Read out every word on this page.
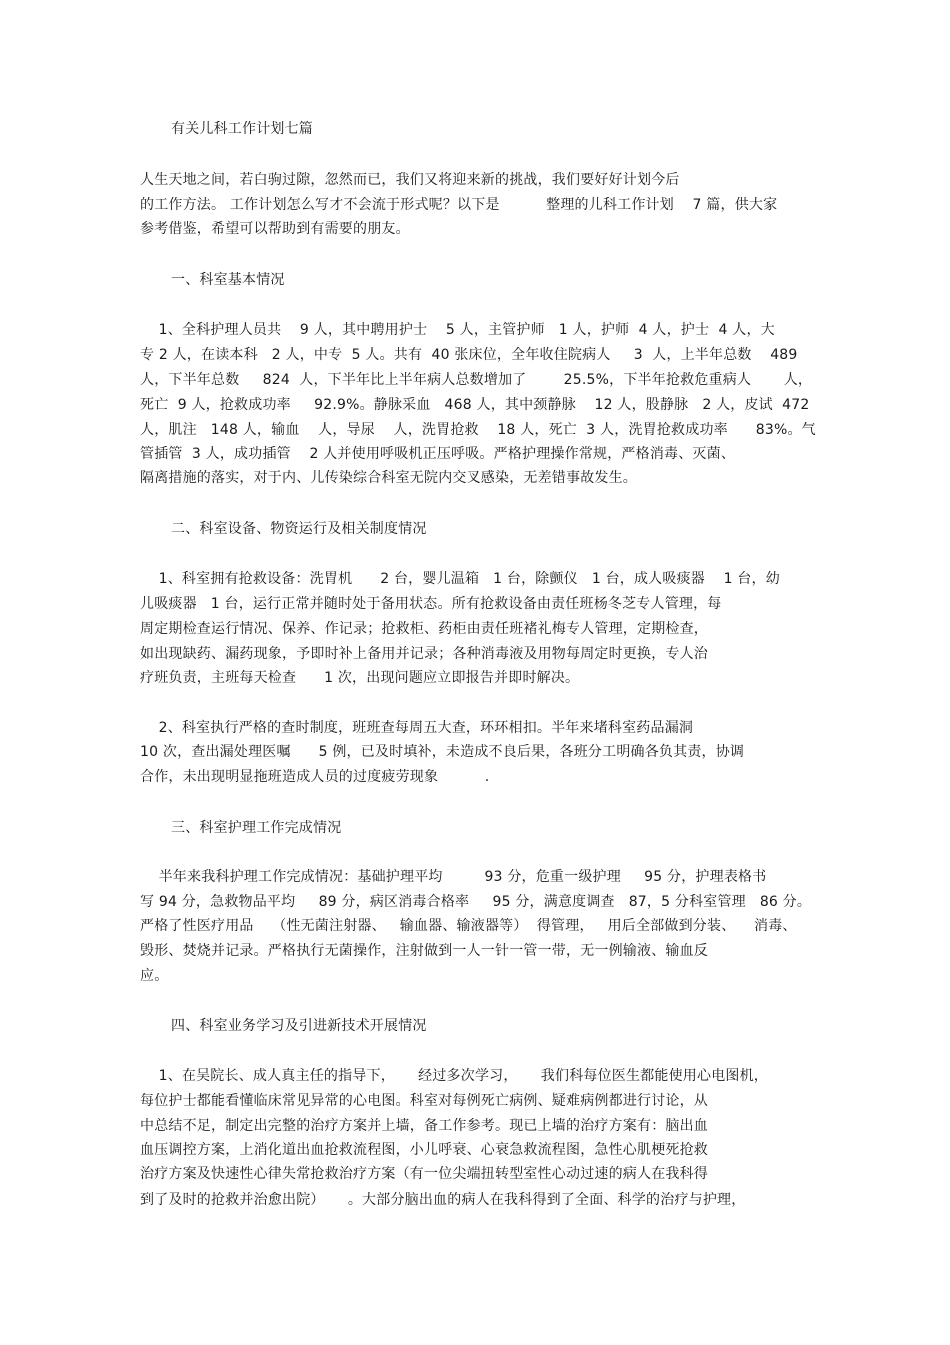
有关儿科工作计划七篇
人生天地之间，若白驹过隙，忽然而已，我们又将迎来新的挑战，我们要好好计划今后
的工作方法。 工作计划怎么写才不会流于形式呢？以下是          整理的儿科工作计划    7 篇，供大家
参考借鉴，希望可以帮助到有需要的朋友。
一、科室基本情况
1、全科护理人员共    9 人，其中聘用护士    5 人，主管护师   1 人，护师  4 人，护士  4 人，大
专 2 人，在读本科   2 人，中专  5 人。共有  40 张床位，全年收住院病人     3  人，上半年总数    489
人，下半年总数     824  人，下半年比上半年病人总数增加了        25.5%，下半年抢救危重病人       人，
死亡  9 人，抢救成功率     92.9%。静脉采血   468 人，其中颈静脉    12 人，股静脉   2 人，皮试  472
人，肌注   148 人，输血    人，导尿    人，洗胃抢救    18 人，死亡  3 人，洗胃抢救成功率      83%。气
管插管  3 人，成功插管    2 人并使用呼吸机正压呼吸。严格护理操作常规，严格消毒、灭菌、
隔离措施的落实，对于内、儿传染综合科室无院内交叉感染，无差错事故发生。
二、科室设备、物资运行及相关制度情况
1、科室拥有抢救设备：洗胃机      2 台，婴儿温箱   1 台，除颤仪   1 台，成人吸痰器    1 台，幼
儿吸痰器   1 台，运行正常并随时处于备用状态。所有抢救设备由责任班杨冬芝专人管理，每
周定期检查运行情况、保养、作记录；抢救柜、药柜由责任班褚礼梅专人管理，定期检查，
如出现缺药、漏药现象，予即时补上备用并记录；各种消毒液及用物每周定时更换，专人治
疗班负责，主班每天检查      1 次，出现问题应立即报告并即时解决。
2、科室执行严格的查时制度，班班查每周五大查，环环相扣。半年来堵科室药品漏洞
10 次，查出漏处理医嘱      5 例，已及时填补，未造成不良后果，各班分工明确各负其责，协调
合作，未出现明显拖班造成人员的过度疲劳现象          .
三、科室护理工作完成情况
半年来我科护理工作完成情况：基础护理平均         93 分，危重一级护理     95 分，护理表格书
写 94 分，急救物品平均     89 分，病区消毒合格率     95 分，满意度调查   87，5 分科室管理   86 分。
严格了性医疗用品    （性无菌注射器、   输血器、输液器等）  得管理，   用后全部做到分装、    消毒、
毁形、焚烧并记录。严格执行无菌操作，注射做到一人一针一管一带，无一例输液、输血反
应。
四、科室业务学习及引进新技术开展情况
1、在吴院长、成人真主任的指导下，     经过多次学习，     我们科每位医生都能使用心电图机，
每位护士都能看懂临床常见异常的心电图。科室对每例死亡病例、疑难病例都进行讨论，从
中总结不足，制定出完整的治疗方案并上墙，备工作参考。现已上墙的治疗方案有：脑出血
血压调控方案，上消化道出血抢救流程图，小儿呼衰、心衰急救流程图，急性心肌梗死抢救
治疗方案及快速性心律失常抢救治疗方案（有一位尖端扭转型室性心动过速的病人在我科得
到了及时的抢救并治愈出院）     。大部分脑出血的病人在我科得到了全面、科学的治疗与护理，
